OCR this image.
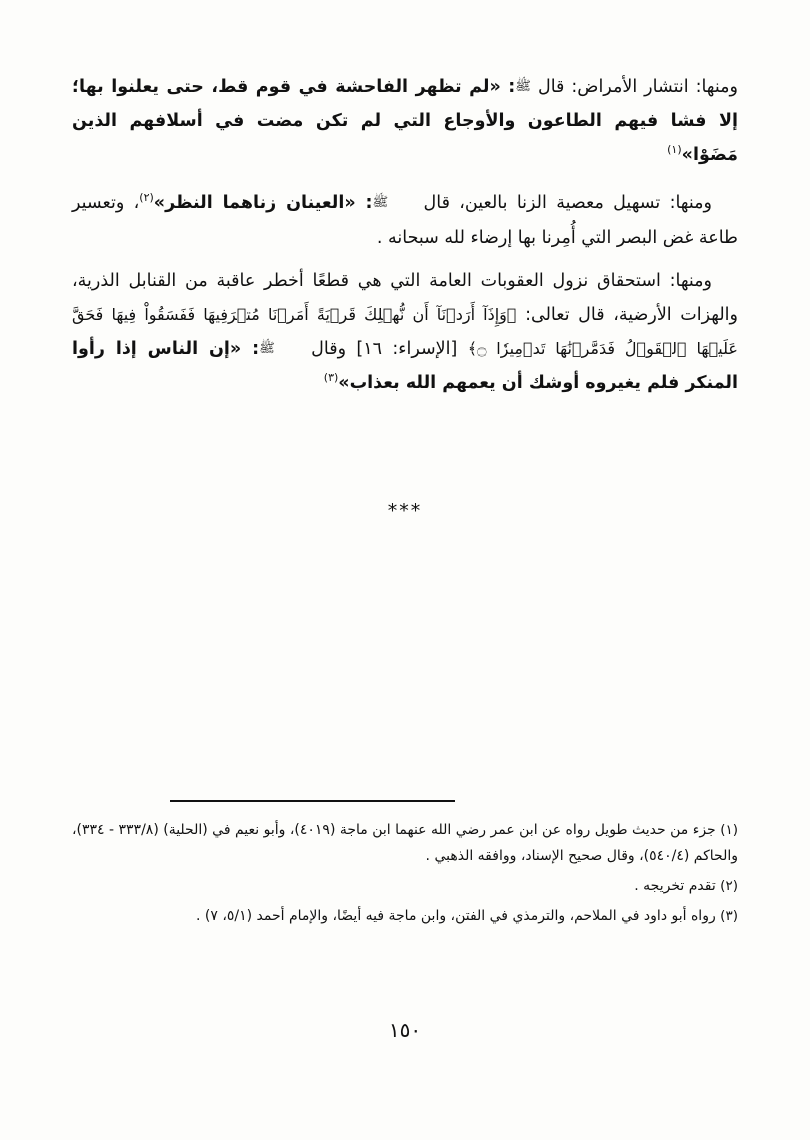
ومنها: انتشار الأمراض: قال ﷺ: «لم تظهر الفاحشة في قوم قط، حتى يعلنوا بها؛ إلا فشا فيهم الطاعون والأوجاع التي لم تكن مضت في أسلافهم الذين مَضَوْا»$^{(١)}$

ومنها: تسهيل معصية الزنا بالعين، قال ﷺ: «العينان زناهما النظر»$^{(٢)}$، وتعسير طاعة غض البصر التي أُمِرنا بها إرضاء لله سبحانه .

ومنها: استحقاق نزول العقوبات العامة التي هي قطعًا أخطر عاقبة من القنابل الذرية، والهزات الأرضية، قال تعالى: ﴿وَإِذَآ أَرَدۡنَآ أَن نُّهۡلِكَ قَرۡيَةً أَمَرۡنَا مُتۡرَفِيهَا فَفَسَقُواْ فِيهَا فَحَقَّ عَلَيۡهَا ٱلۡقَوۡلُ فَدَمَّرۡنَٰهَا تَدۡمِيرٗا ۝﴾ [الإسراء: ١٦] وقال ﷺ: «إن الناس إذا رأوا المنكر فلم يغيروه أوشك أن يعمهم الله بعذاب»$^{(٣)}$

***

(١) جزء من حديث طويل رواه عن ابن عمر رضي الله عنهما ابن ماجة (٤٠١٩)، وأبو نعيم في (الحلية) (٣٣٣/٨ - ٣٣٤)، والحاكم (٥٤٠/٤)، وقال صحيح الإسناد، ووافقه الذهبي .

(٢) تقدم تخريجه .

(٣) رواه أبو داود في الملاحم، والترمذي في الفتن، وابن ماجة فيه أيضًا، والإمام أحمد (٥/١، ٧) .

١٥٠
